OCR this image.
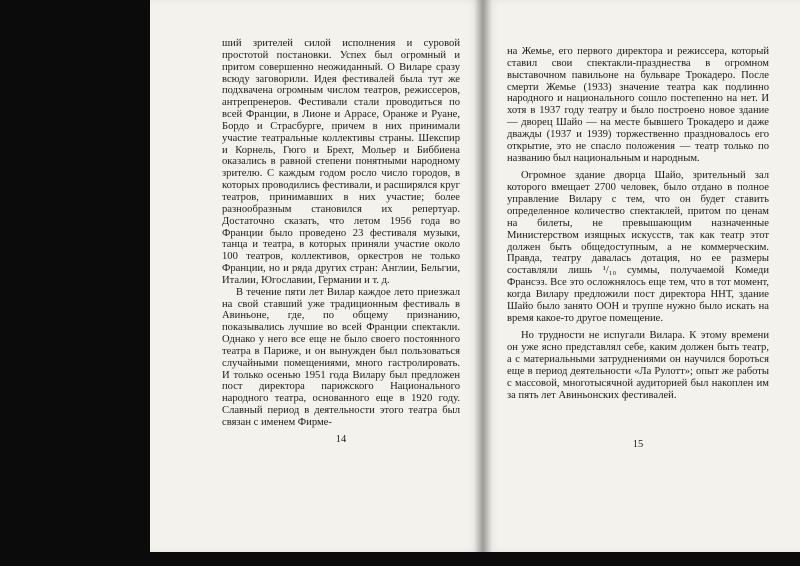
ший зрителей силой исполнения и суровой простотой постановки. Успех был огромный и притом совершенно неожиданный. О Виларе сразу всюду заговорили. Идея фестивалей была тут же подхвачена огромным числом театров, режиссеров, антрепренеров. Фестивали стали проводиться по всей Франции, в Лионе и Аррасе, Оранже и Руане, Бордо и Страсбурге, причем в них принимали участие театральные коллективы страны. Шекспир и Корнель, Гюго и Брехт, Мольер и Биббиена оказались в равной степени понятными народному зрителю. С каждым годом росло число городов, в которых проводились фестивали, и расширялся круг театров, принимавших в них участие; более разнообразным становился их репертуар. Достаточно сказать, что летом 1956 года во Франции было проведено 23 фестиваля музыки, танца и театра, в которых приняли участие около 100 театров, коллективов, оркестров не только Франции, но и ряда других стран: Англии, Бельгии, Италии, Югославии, Германии и т. д.

В течение пяти лет Вилар каждое лето приезжал на свой ставший уже традиционным фестиваль в Авиньоне, где, по общему признанию, показывались лучшие во всей Франции спектакли. Однако у него все еще не было своего постоянного театра в Париже, и он вынужден был пользоваться случайными помещениями, много гастролировать. И только осенью 1951 года Вилару был предложен пост директора парижского Национального народного театра, основанного еще в 1920 году. Славный период в деятельности этого театра был связан с именем Фирме-

14

на Жемье, его первого директора и режиссера, который ставил свои спектакли-празднества в огромном выставочном павильоне на бульваре Трокадеро. После смерти Жемье (1933) значение театра как подлинно народного и национального сошло постепенно на нет. И хотя в 1937 году театру и было построено новое здание — дворец Шайо — на месте бывшего Трокадеро и даже дважды (1937 и 1939) торжественно праздновалось его открытие, это не спасло положения — театр только по названию был национальным и народным.

Огромное здание дворца Шайо, зрительный зал которого вмещает 2700 человек, было отдано в полное управление Вилару с тем, что он будет ставить определенное количество спектаклей, притом по ценам на билеты, не превышающим назначенные Министерством изящных искусств, так как театр этот должен быть общедоступным, а не коммерческим. Правда, театру давалась дотация, но ее размеры составляли лишь ¹/₁₀ суммы, получаемой Комеди Франсэз. Все это осложнялось еще тем, что в тот момент, когда Вилару предложили пост директора ННТ, здание Шайо было занято ООН и труппе нужно было искать на время какое-то другое помещение.

Но трудности не испугали Вилара. К этому времени он уже ясно представлял себе, каким должен быть театр, а с материальными затруднениями он научился бороться еще в период деятельности «Ла Рулотт»; опыт же работы с массовой, многотысячной аудиторией был накоплен им за пять лет Авиньонских фестивалей.

15
